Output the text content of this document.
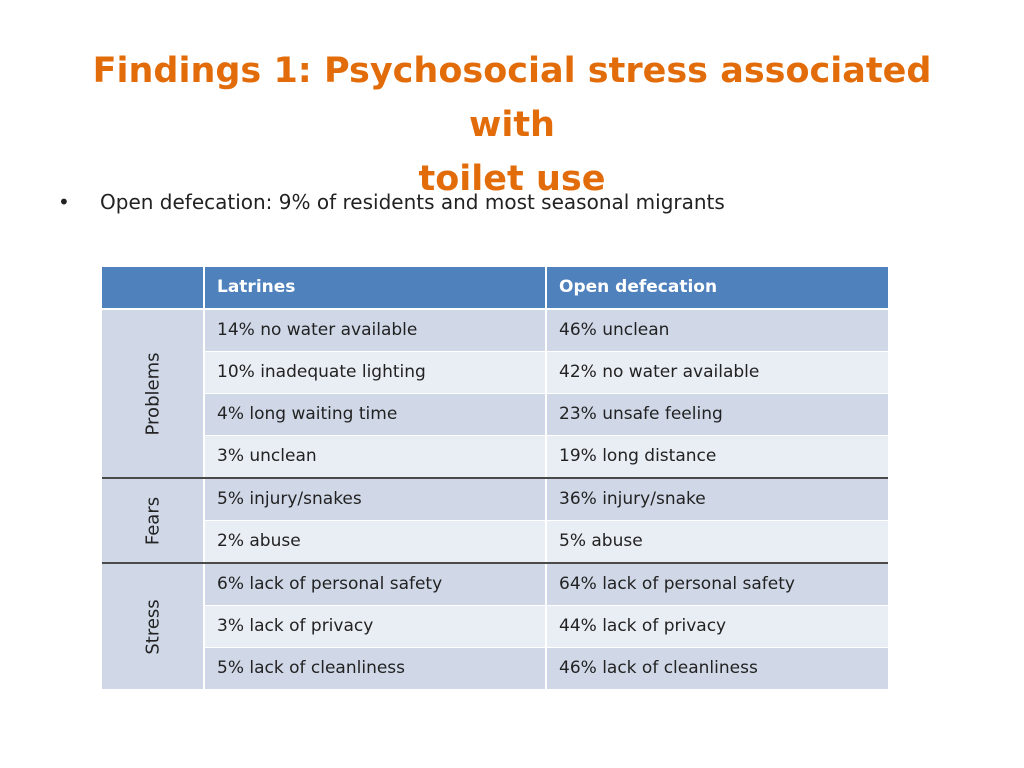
Findings 1: Psychosocial stress associated with
toilet use
• Open defecation: 9% of residents and most seasonal migrants
Latrines	Open defecation
Problems
14% no water available	46% unclean
10% inadequate lighting	42% no water available
4% long waiting time	23% unsafe feeling
3% unclean	19% long distance
Fears	5% injury/snakes	36% injury/snake
2% abuse	5% abuse
Stress
6% lack of personal safety	64% lack of personal safety
3% lack of privacy	44% lack of privacy
5% lack of cleanliness	46% lack of cleanliness
